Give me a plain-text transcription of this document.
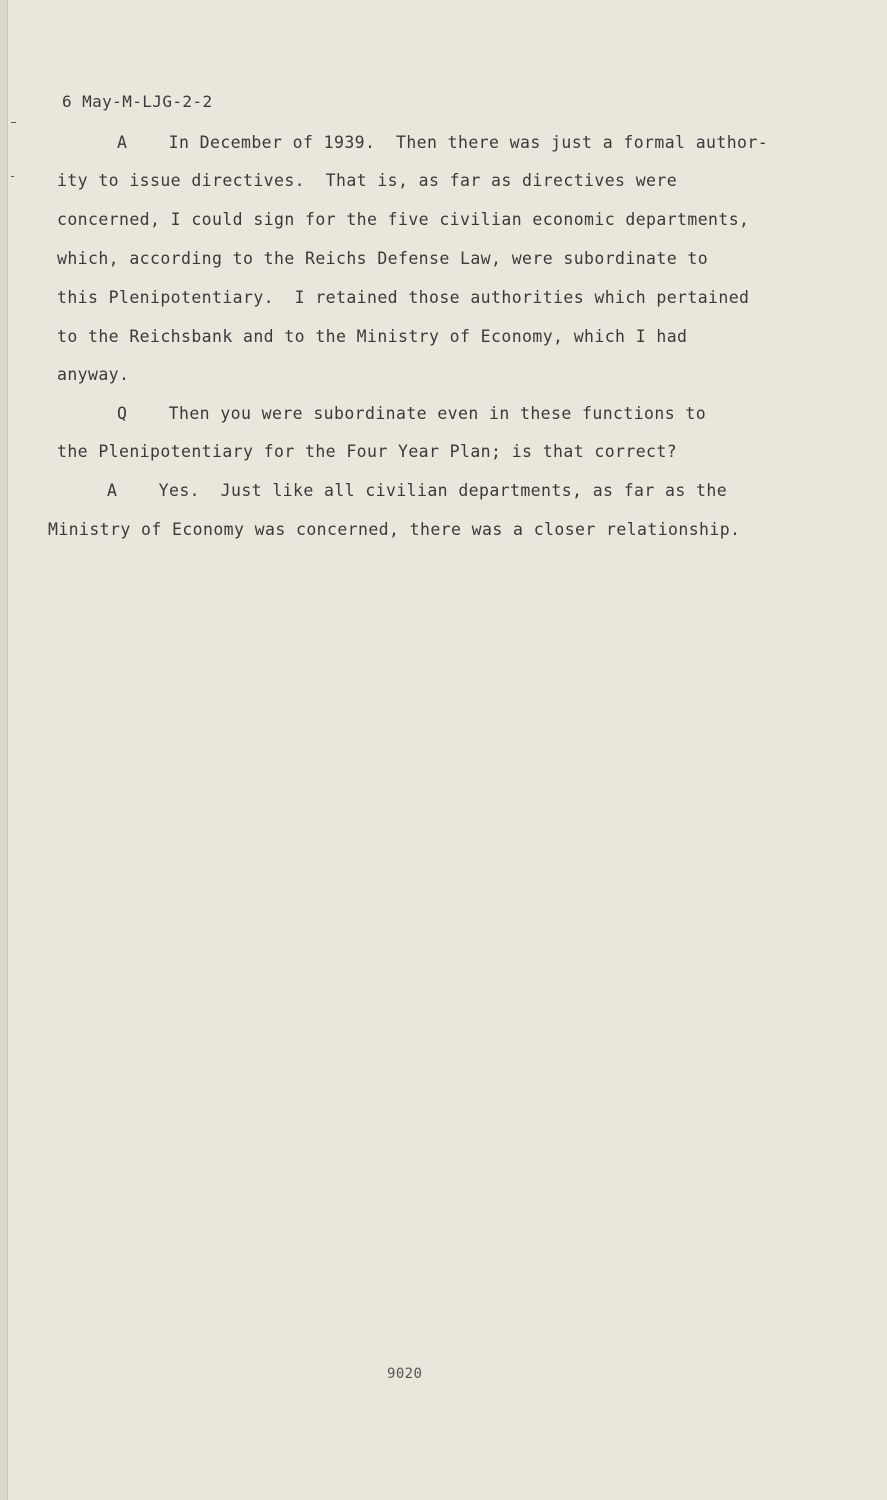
6 May-M-LJG-2-2
A    In December of 1939.  Then there was just a formal author-
ity to issue directives.  That is, as far as directives were
concerned, I could sign for the five civilian economic departments,
which, according to the Reichs Defense Law, were subordinate to
this Plenipotentiary.  I retained those authorities which pertained
to the Reichsbank and to the Ministry of Economy, which I had
anyway.
Q    Then you were subordinate even in these functions to
the Plenipotentiary for the Four Year Plan; is that correct?
A    Yes.  Just like all civilian departments, as far as the
Ministry of Economy was concerned, there was a closer relationship.
9020
